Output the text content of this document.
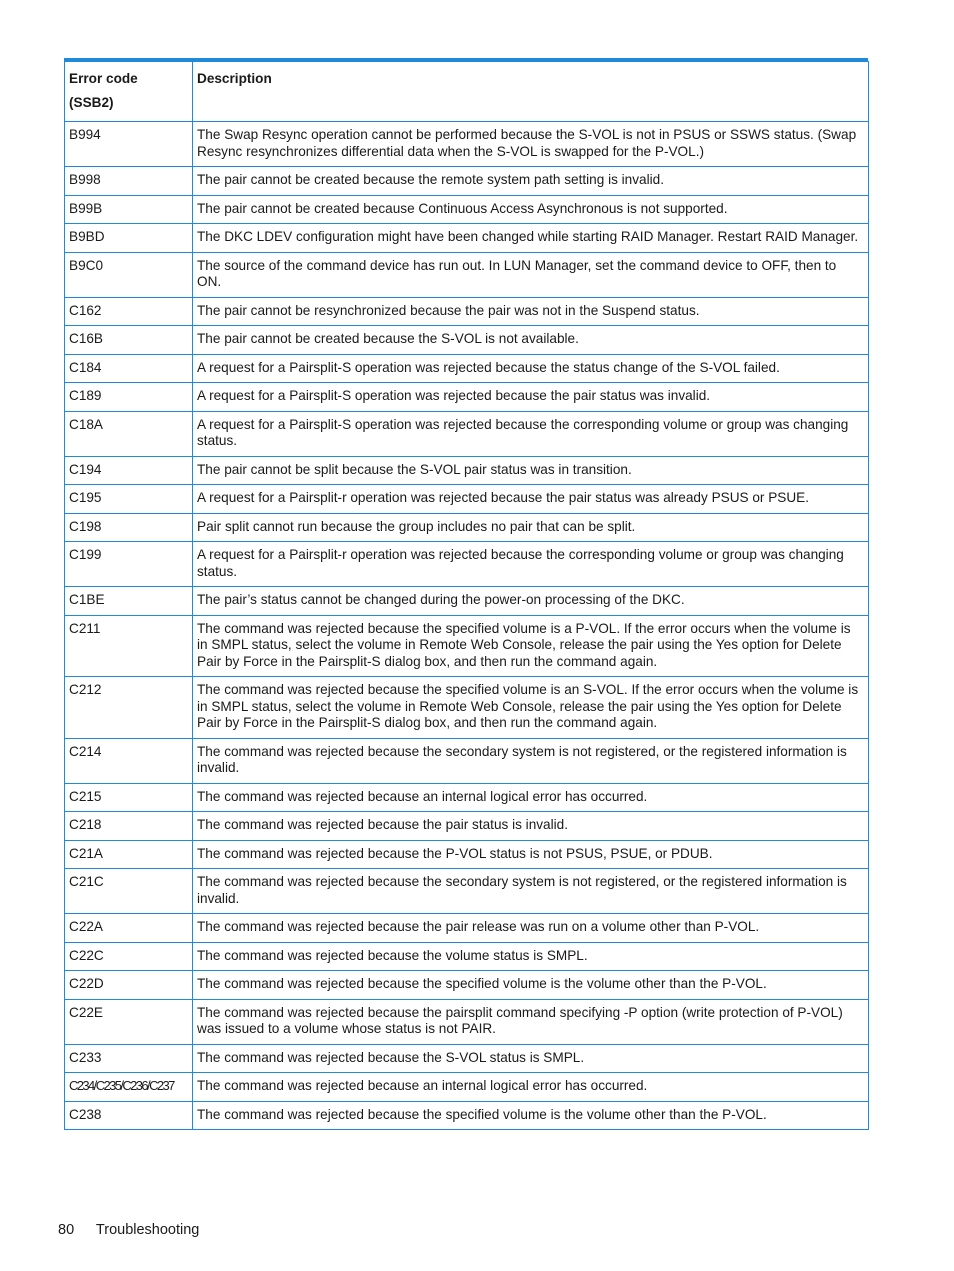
Error code
(SSB2)	Description

B994	The Swap Resync operation cannot be performed because the S-VOL is not in PSUS or SSWS status. (Swap Resync resynchronizes differential data when the S-VOL is swapped for the P-VOL.)
B998	The pair cannot be created because the remote system path setting is invalid.
B99B	The pair cannot be created because Continuous Access Asynchronous is not supported.
B9BD	The DKC LDEV configuration might have been changed while starting RAID Manager. Restart RAID Manager.
B9C0	The source of the command device has run out. In LUN Manager, set the command device to OFF, then to ON.
C162	The pair cannot be resynchronized because the pair was not in the Suspend status.
C16B	The pair cannot be created because the S-VOL is not available.
C184	A request for a Pairsplit-S operation was rejected because the status change of the S-VOL failed.
C189	A request for a Pairsplit-S operation was rejected because the pair status was invalid.
C18A	A request for a Pairsplit-S operation was rejected because the corresponding volume or group was changing status.
C194	The pair cannot be split because the S-VOL pair status was in transition.
C195	A request for a Pairsplit-r operation was rejected because the pair status was already PSUS or PSUE.
C198	Pair split cannot run because the group includes no pair that can be split.
C199	A request for a Pairsplit-r operation was rejected because the corresponding volume or group was changing status.
C1BE	The pair’s status cannot be changed during the power-on processing of the DKC.
C211	The command was rejected because the specified volume is a P-VOL. If the error occurs when the volume is in SMPL status, select the volume in Remote Web Console, release the pair using the Yes option for Delete Pair by Force in the Pairsplit-S dialog box, and then run the command again.
C212	The command was rejected because the specified volume is an S-VOL. If the error occurs when the volume is in SMPL status, select the volume in Remote Web Console, release the pair using the Yes option for Delete Pair by Force in the Pairsplit-S dialog box, and then run the command again.
C214	The command was rejected because the secondary system is not registered, or the registered information is invalid.
C215	The command was rejected because an internal logical error has occurred.
C218	The command was rejected because the pair status is invalid.
C21A	The command was rejected because the P-VOL status is not PSUS, PSUE, or PDUB.
C21C	The command was rejected because the secondary system is not registered, or the registered information is invalid.
C22A	The command was rejected because the pair release was run on a volume other than P-VOL.
C22C	The command was rejected because the volume status is SMPL.
C22D	The command was rejected because the specified volume is the volume other than the P-VOL.
C22E	The command was rejected because the pairsplit command specifying -P option (write protection of P-VOL) was issued to a volume whose status is not PAIR.
C233	The command was rejected because the S-VOL status is SMPL.
C234/C235/C236/C237	The command was rejected because an internal logical error has occurred.
C238	The command was rejected because the specified volume is the volume other than the P-VOL.
80 Troubleshooting
